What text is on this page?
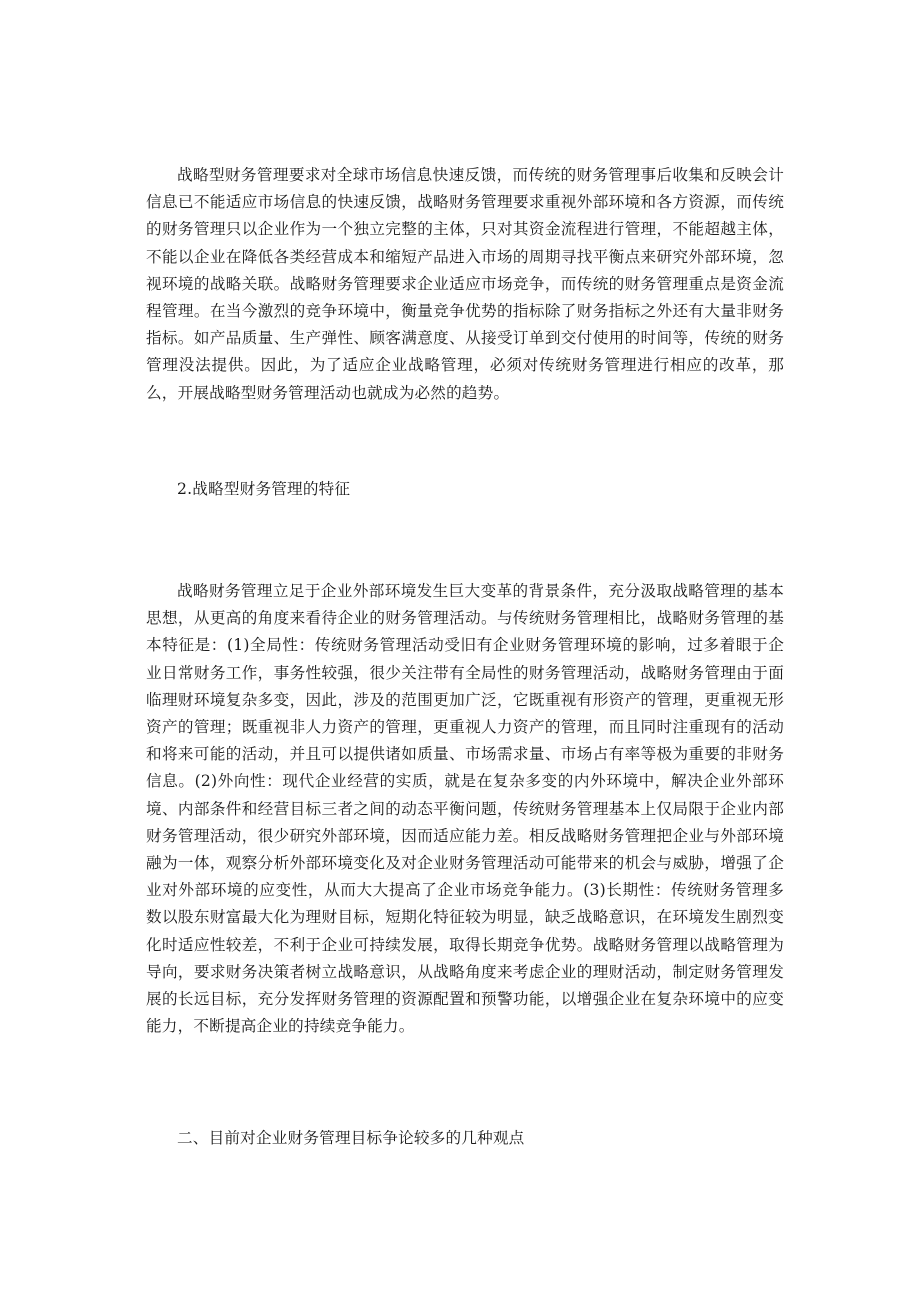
战略型财务管理要求对全球市场信息快速反馈，而传统的财务管理事后收集和反映会计信息已不能适应市场信息的快速反馈，战略财务管理要求重视外部环境和各方资源，而传统的财务管理只以企业作为一个独立完整的主体，只对其资金流程进行管理，不能超越主体，不能以企业在降低各类经营成本和缩短产品进入市场的周期寻找平衡点来研究外部环境，忽视环境的战略关联。战略财务管理要求企业适应市场竞争，而传统的财务管理重点是资金流程管理。在当今激烈的竞争环境中，衡量竞争优势的指标除了财务指标之外还有大量非财务指标。如产品质量、生产弹性、顾客满意度、从接受订单到交付使用的时间等，传统的财务管理没法提供。因此，为了适应企业战略管理，必须对传统财务管理进行相应的改革，那么，开展战略型财务管理活动也就成为必然的趋势。

2.战略型财务管理的特征

战略财务管理立足于企业外部环境发生巨大变革的背景条件，充分汲取战略管理的基本思想，从更高的角度来看待企业的财务管理活动。与传统财务管理相比，战略财务管理的基本特征是：(1)全局性：传统财务管理活动受旧有企业财务管理环境的影响，过多着眼于企业日常财务工作，事务性较强，很少关注带有全局性的财务管理活动，战略财务管理由于面临理财环境复杂多变，因此，涉及的范围更加广泛，它既重视有形资产的管理，更重视无形资产的管理；既重视非人力资产的管理，更重视人力资产的管理，而且同时注重现有的活动和将来可能的活动，并且可以提供诸如质量、市场需求量、市场占有率等极为重要的非财务信息。(2)外向性：现代企业经营的实质，就是在复杂多变的内外环境中，解决企业外部环境、内部条件和经营目标三者之间的动态平衡问题，传统财务管理基本上仅局限于企业内部财务管理活动，很少研究外部环境，因而适应能力差。相反战略财务管理把企业与外部环境融为一体，观察分析外部环境变化及对企业财务管理活动可能带来的机会与威胁，增强了企业对外部环境的应变性，从而大大提高了企业市场竞争能力。(3)长期性：传统财务管理多数以股东财富最大化为理财目标，短期化特征较为明显，缺乏战略意识，在环境发生剧烈变化时适应性较差，不利于企业可持续发展，取得长期竞争优势。战略财务管理以战略管理为导向，要求财务决策者树立战略意识，从战略角度来考虑企业的理财活动，制定财务管理发展的长远目标，充分发挥财务管理的资源配置和预警功能，以增强企业在复杂环境中的应变能力，不断提高企业的持续竞争能力。

二、目前对企业财务管理目标争论较多的几种观点
